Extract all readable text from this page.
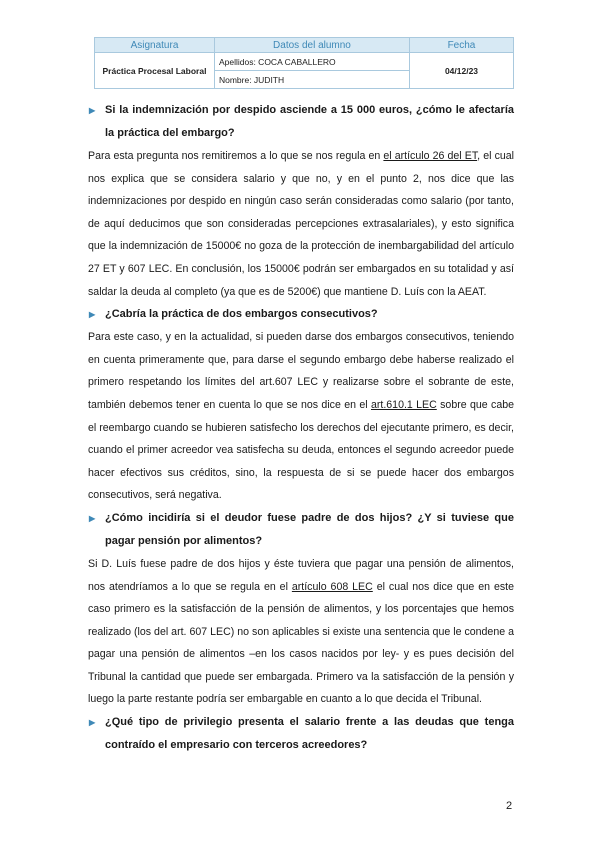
Asignatura	Datos del alumno	Fecha
Práctica Procesal Laboral	Apellidos: COCA CABALLERO	04/12/23
	Nombre: JUDITH	
▶ Si la indemnización por despido asciende a 15 000 euros, ¿cómo le afectaría la práctica del embargo?

Para esta pregunta nos remitiremos a lo que se nos regula en el artículo 26 del ET, el cual nos explica que se considera salario y que no, y en el punto 2, nos dice que las indemnizaciones por despido en ningún caso serán consideradas como salario (por tanto, de aquí deducimos que son consideradas percepciones extrasalariales), y esto significa que la indemnización de 15000€ no goza de la protección de inembargabilidad del artículo 27 ET y 607 LEC. En conclusión, los 15000€ podrán ser embargados en su totalidad y así saldar la deuda al completo (ya que es de 5200€) que mantiene D. Luís con la AEAT.

▶ ¿Cabría la práctica de dos embargos consecutivos?

Para este caso, y en la actualidad, si pueden darse dos embargos consecutivos, teniendo en cuenta primeramente que, para darse el segundo embargo debe haberse realizado el primero respetando los límites del art.607 LEC y realizarse sobre el sobrante de este, también debemos tener en cuenta lo que se nos dice en el art.610.1 LEC sobre que cabe el reembargo cuando se hubieren satisfecho los derechos del ejecutante primero, es decir, cuando el primer acreedor vea satisfecha su deuda, entonces el segundo acreedor puede hacer efectivos sus créditos, sino, la respuesta de si se puede hacer dos embargos consecutivos, será negativa.

▶ ¿Cómo incidiría si el deudor fuese padre de dos hijos? ¿Y si tuviese que pagar pensión por alimentos?

Si D. Luís fuese padre de dos hijos y éste tuviera que pagar una pensión de alimentos, nos atendríamos a lo que se regula en el artículo 608 LEC el cual nos dice que en este caso primero es la satisfacción de la pensión de alimentos, y los porcentajes que hemos realizado (los del art. 607 LEC) no son aplicables si existe una sentencia que le condene a pagar una pensión de alimentos –en los casos nacidos por ley- y es pues decisión del Tribunal la cantidad que puede ser embargada. Primero va la satisfacción de la pensión y luego la parte restante podría ser embargable en cuanto a lo que decida el Tribunal.

▶ ¿Qué tipo de privilegio presenta el salario frente a las deudas que tenga contraído el empresario con terceros acreedores?
2
